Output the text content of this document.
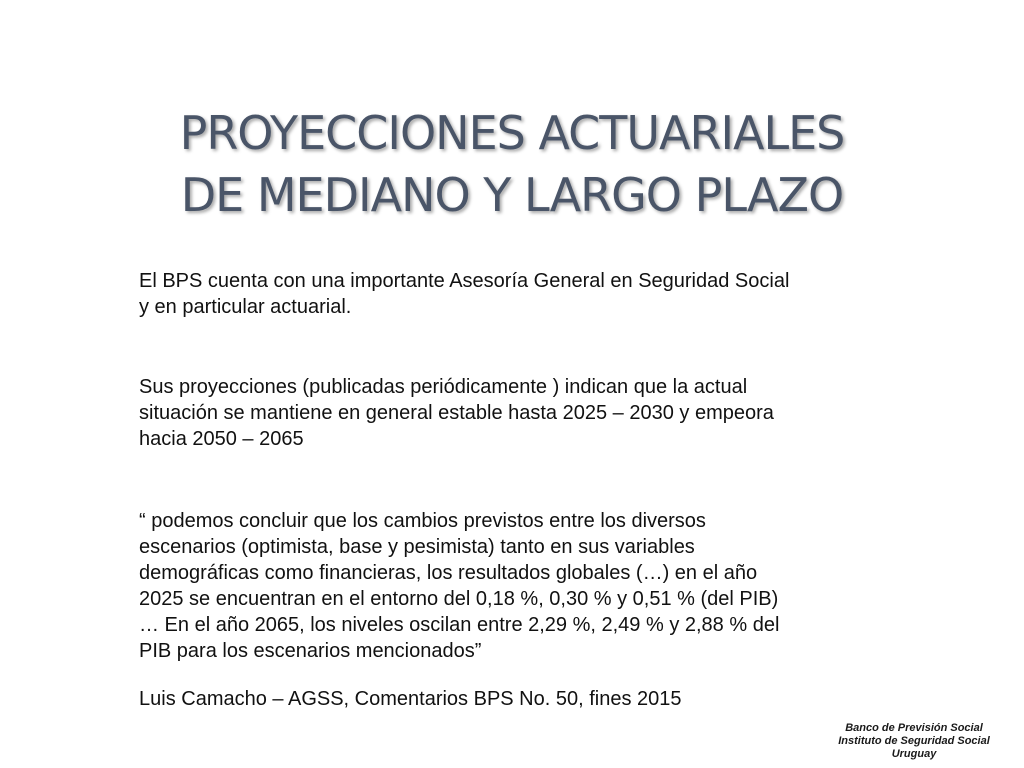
PROYECCIONES ACTUARIALES
DE MEDIANO Y LARGO PLAZO
El BPS cuenta con una importante Asesoría General en Seguridad Social
y en particular actuarial.
Sus proyecciones (publicadas periódicamente ) indican que la actual
situación se mantiene en general estable hasta 2025 – 2030 y empeora
hacia 2050 – 2065
“ podemos concluir que los cambios previstos entre los diversos
escenarios (optimista, base y pesimista) tanto en sus variables
demográficas como financieras, los resultados globales (…) en el año
2025 se encuentran en el entorno del 0,18 %, 0,30 % y 0,51 % (del PIB)
… En el año 2065, los niveles oscilan entre 2,29 %, 2,49 % y 2,88 % del
PIB para los escenarios mencionados”
Luis Camacho – AGSS, Comentarios BPS No. 50, fines 2015
Banco de Previsión Social
Instituto de Seguridad Social
Uruguay
